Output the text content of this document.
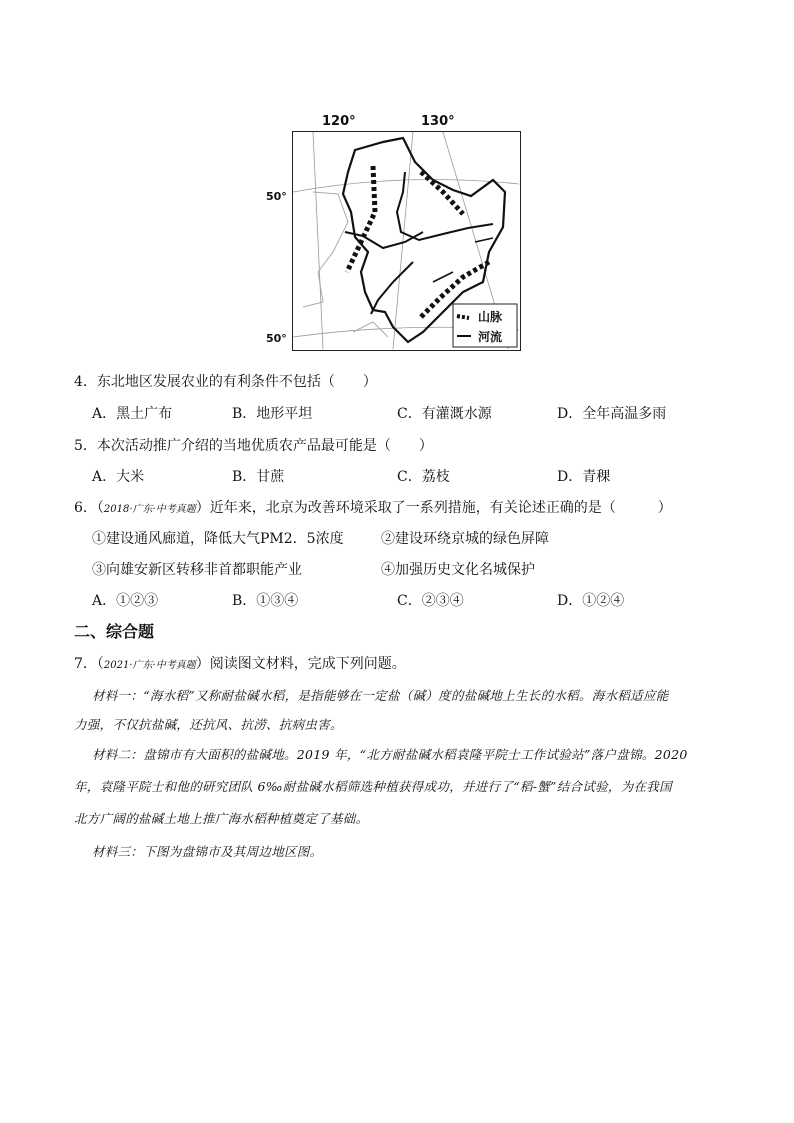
120°	130°
50°
50°
山脉
河流
4．东北地区发展农业的有利条件不包括（　　）
A．黑土广布	B．地形平坦	C．有灌溉水源	D．全年高温多雨
5．本次活动推广介绍的当地优质农产品最可能是（　　）
A．大米	B．甘蔗	C．荔枝	D．青稞
6．（2018·广东·中考真题）近年来，北京为改善环境采取了一系列措施，有关论述正确的是（　　　）
①建设通风廊道，降低大气PM2．5浓度	②建设环绕京城的绿色屏障
③向雄安新区转移非首都职能产业	④加强历史文化名城保护
A．①②③	B．①③④	C．②③④	D．①②④
二、综合题
7．（2021·广东·中考真题）阅读图文材料，完成下列问题。
材料一：“海水稻”又称耐盐碱水稻，是指能够在一定盐（碱）度的盐碱地上生长的水稻。海水稻适应能
力强，不仅抗盐碱，还抗风、抗涝、抗病虫害。
材料二：盘锦市有大面积的盐碱地。2019 年，“北方耐盐碱水稻袁隆平院士工作试验站”落户盘锦。2020
年，袁隆平院士和他的研究团队 6‰耐盐碱水稻筛选种植获得成功，并进行了“稻-蟹”结合试验，为在我国
北方广阔的盐碱土地上推广海水稻种植奠定了基础。
材料三：下图为盘锦市及其周边地区图。
